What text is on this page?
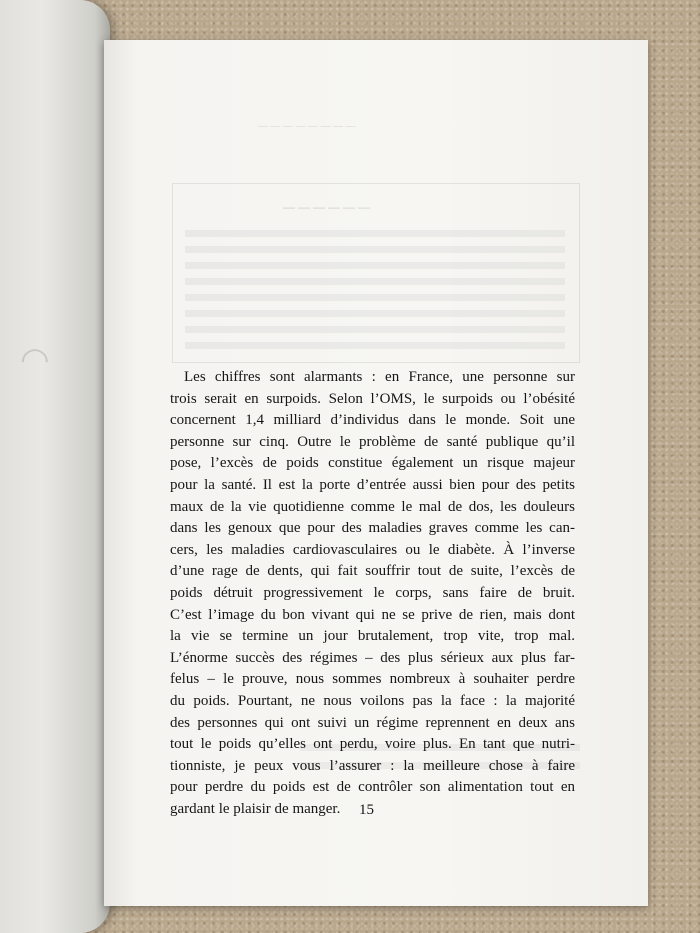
◠
— — — — — — — —
— — — — — —

Les chiffres sont alarmants : en France, une personne sur
trois serait en surpoids. Selon l’OMS, le surpoids ou l’obésité
concernent 1,4 milliard d’individus dans le monde. Soit une
personne sur cinq. Outre le problème de santé publique qu’il
pose, l’excès de poids constitue également un risque majeur
pour la santé. Il est la porte d’entrée aussi bien pour des petits
maux de la vie quotidienne comme le mal de dos, les douleurs
dans les genoux que pour des maladies graves comme les can-
cers, les maladies cardiovasculaires ou le diabète. À l’inverse
d’une rage de dents, qui fait souffrir tout de suite, l’excès de
poids détruit progressivement le corps, sans faire de bruit.
C’est l’image du bon vivant qui ne se prive de rien, mais dont
la vie se termine un jour brutalement, trop vite, trop mal.
L’énorme succès des régimes – des plus sérieux aux plus far-
felus – le prouve, nous sommes nombreux à souhaiter perdre
du poids. Pourtant, ne nous voilons pas la face : la majorité
des personnes qui ont suivi un régime reprennent en deux ans
tout le poids qu’elles ont perdu, voire plus. En tant que nutri-
tionniste, je peux vous l’assurer : la meilleure chose à faire
pour perdre du poids est de contrôler son alimentation tout en
gardant le plaisir de manger.	15
